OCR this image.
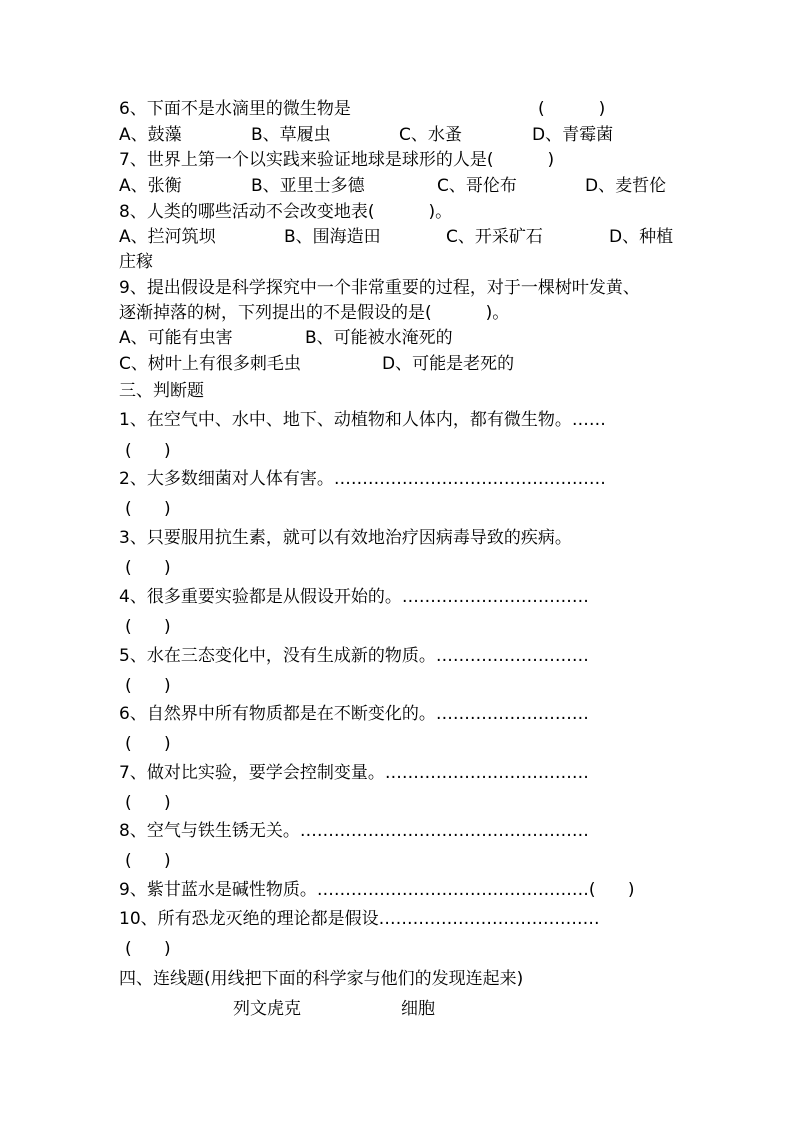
6、下面不是水滴里的微生物是	(          )
A、鼓藻	B、草履虫	C、水蚤	D、青霉菌
7、世界上第一个以实践来验证地球是球形的人是(          )
A、张衡	B、亚里士多德	C、哥伦布	D、麦哲伦
8、人类的哪些活动不会改变地表(          )。
A、拦河筑坝	B、围海造田	C、开采矿石	D、种植
庄稼
9、提出假设是科学探究中一个非常重要的过程，对于一棵树叶发黄、
逐渐掉落的树，下列提出的不是假设的是(          )。
A、可能有虫害	B、可能被水淹死的
C、树叶上有很多刺毛虫	D、可能是老死的
三、判断题
1、在空气中、水中、地下、动植物和人体内，都有微生物。……
(      )
2、大多数细菌对人体有害。…………………………………………
(      )
3、只要服用抗生素，就可以有效地治疗因病毒导致的疾病。
(      )
4、很多重要实验都是从假设开始的。……………………………
(      )
5、水在三态变化中，没有生成新的物质。………………………
(      )
6、自然界中所有物质都是在不断变化的。………………………
(      )
7、做对比实验，要学会控制变量。………………………………
(      )
8、空气与铁生锈无关。……………………………………………
(      )
9、紫甘蓝水是碱性物质。…………………………………………(      )
10、所有恐龙灭绝的理论都是假设…………………………………
(      )
四、连线题(用线把下面的科学家与他们的发现连起来)
列文虎克	细胞
